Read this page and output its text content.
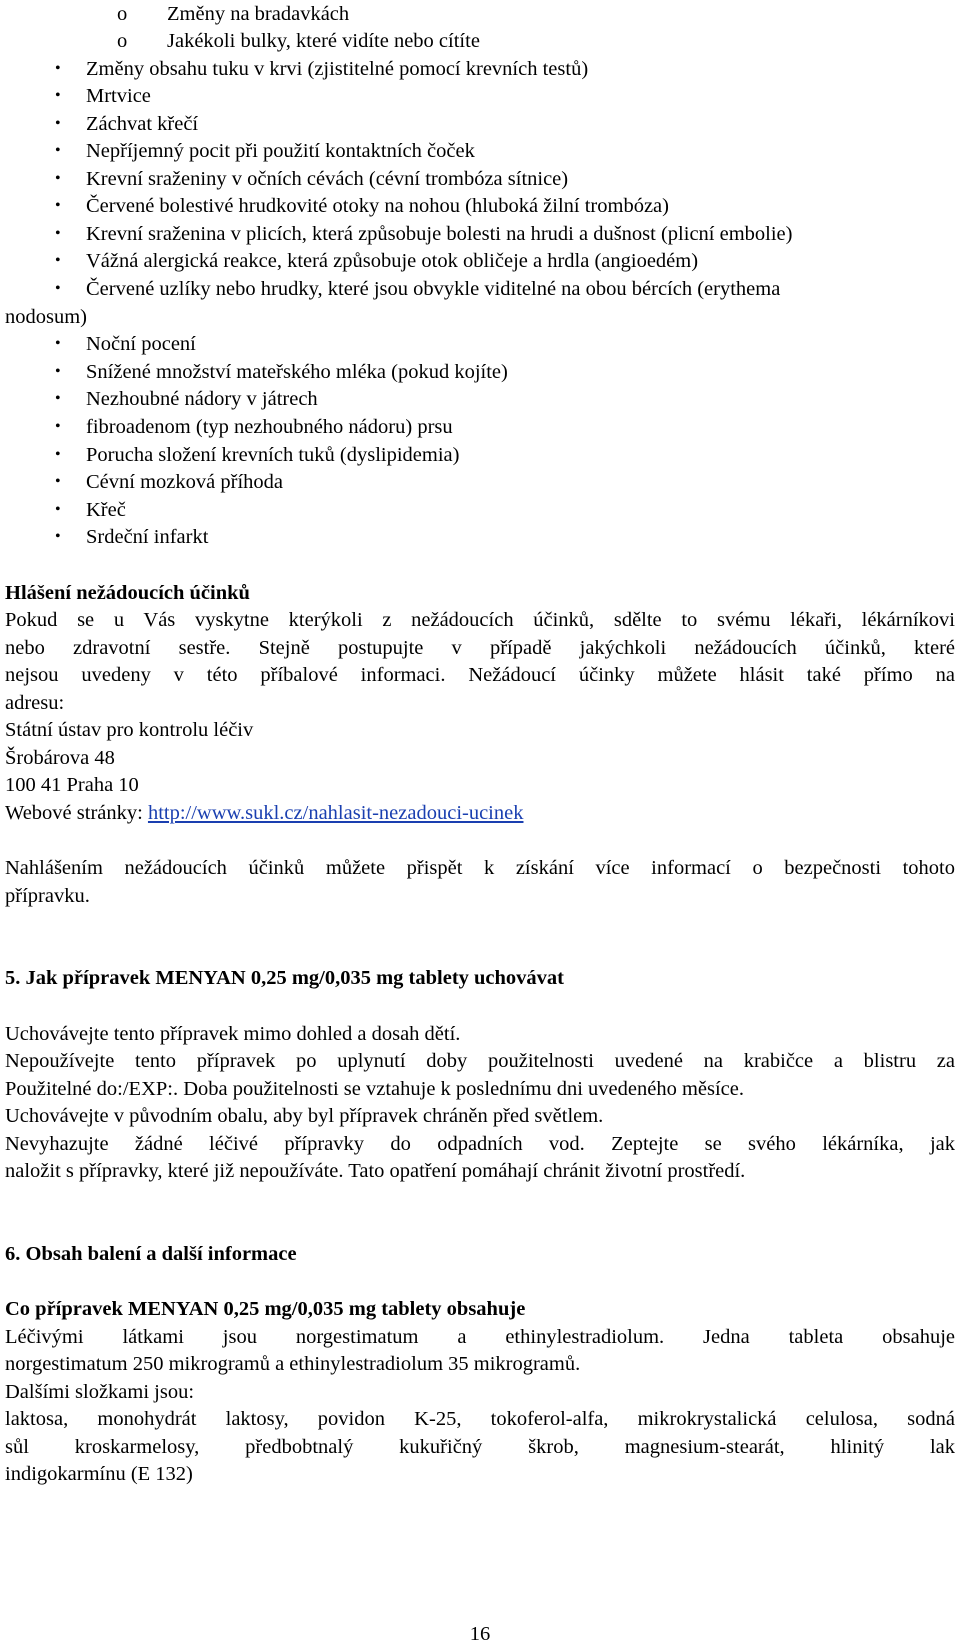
o Změny na bradavkách
o Jakékoli bulky, které vidíte nebo cítíte
• Změny obsahu tuku v krvi (zjistitelné pomocí krevních testů)
• Mrtvice
• Záchvat křečí
• Nepříjemný pocit při použití kontaktních čoček
• Krevní sraženiny v očních cévách (cévní trombóza sítnice)
• Červené bolestivé hrudkovité otoky na nohou (hluboká žilní trombóza)
• Krevní sraženina v plicích, která způsobuje bolesti na hrudi a dušnost (plicní embolie)
• Vážná alergická reakce, která způsobuje otok obličeje a hrdla (angioedém)
• Červené uzlíky nebo hrudky, které jsou obvykle viditelné na obou bércích (erythema
nodosum)
• Noční pocení
• Snížené množství mateřského mléka (pokud kojíte)
• Nezhoubné nádory v játrech
• fibroadenom (typ nezhoubného nádoru) prsu
• Porucha složení krevních tuků (dyslipidemia)
• Cévní mozková příhoda
• Křeč
• Srdeční infarkt
Hlášení nežádoucích účinků
Pokud se u Vás vyskytne kterýkoli z nežádoucích účinků, sdělte to svému lékaři, lékárníkovi
nebo zdravotní sestře. Stejně postupujte v případě jakýchkoli nežádoucích účinků, které
nejsou uvedeny v této příbalové informaci. Nežádoucí účinky můžete hlásit také přímo na
adresu:
Státní ústav pro kontrolu léčiv
Šrobárova 48
100 41 Praha 10
Webové stránky: http://www.sukl.cz/nahlasit-nezadouci-ucinek
Nahlášením nežádoucích účinků můžete přispět k získání více informací o bezpečnosti tohoto
přípravku.
5. Jak přípravek MENYAN 0,25 mg/0,035 mg tablety uchovávat
Uchovávejte tento přípravek mimo dohled a dosah dětí.
Nepoužívejte tento přípravek po uplynutí doby použitelnosti uvedené na krabičce a blistru za
Použitelné do:/EXP:. Doba použitelnosti se vztahuje k poslednímu dni uvedeného měsíce.
Uchovávejte v původním obalu, aby byl přípravek chráněn před světlem.
Nevyhazujte žádné léčivé přípravky do odpadních vod. Zeptejte se svého lékárníka, jak
naložit s přípravky, které již nepoužíváte. Tato opatření pomáhají chránit životní prostředí.
6. Obsah balení a další informace
Co přípravek MENYAN 0,25 mg/0,035 mg tablety obsahuje
Léčivými látkami jsou norgestimatum a ethinylestradiolum. Jedna tableta obsahuje
norgestimatum 250 mikrogramů a ethinylestradiolum 35 mikrogramů.
Dalšími složkami jsou:
laktosa, monohydrát laktosy, povidon K-25, tokoferol-alfa, mikrokrystalická celulosa, sodná
sůl kroskarmelosy, předbobtnalý kukuřičný škrob, magnesium-stearát, hlinitý lak
indigokarmínu (E 132)
16
